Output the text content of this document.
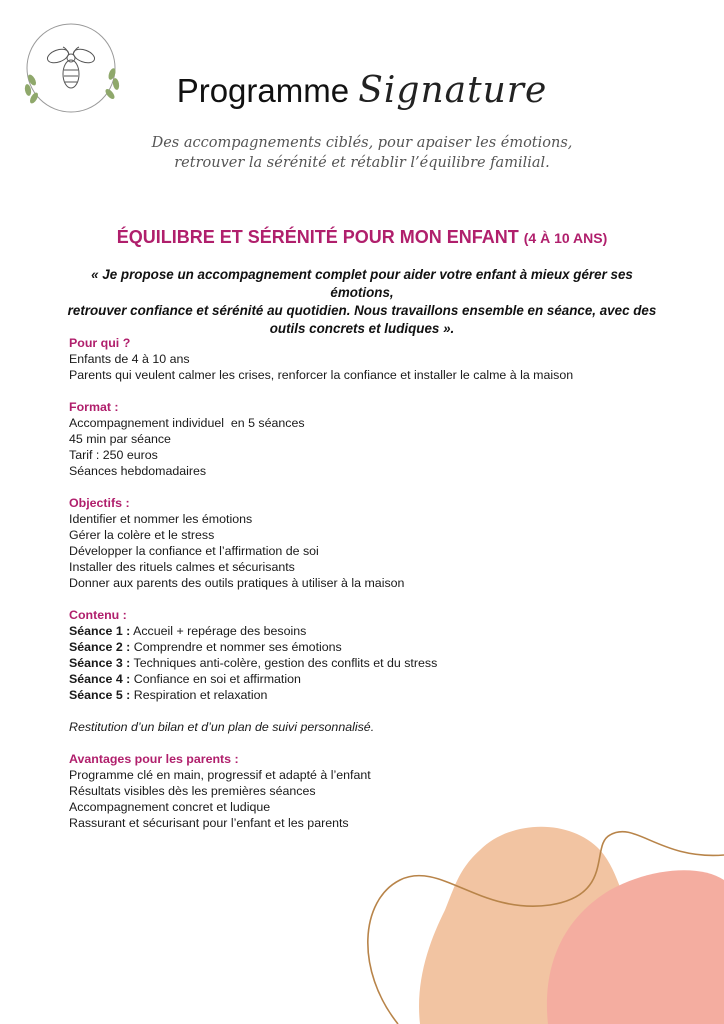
Programme Signature
Des accompagnements ciblés, pour apaiser les émotions,
retrouver la sérénité et rétablir l’équilibre familial.
ÉQUILIBRE ET SÉRÉNITÉ POUR MON ENFANT (4 À 10 ANS)
« Je propose un accompagnement complet pour aider votre enfant à mieux gérer ses émotions,
retrouver confiance et sérénité au quotidien. Nous travaillons ensemble en séance, avec des
outils concrets et ludiques ».
Pour qui ?
Enfants de 4 à 10 ans
Parents qui veulent calmer les crises, renforcer la confiance et installer le calme à la maison
Format :
Accompagnement individuel  en 5 séances
45 min par séance
Tarif : 250 euros
Séances hebdomadaires
Objectifs :
Identifier et nommer les émotions
Gérer la colère et le stress
Développer la confiance et l’affirmation de soi
Installer des rituels calmes et sécurisants
Donner aux parents des outils pratiques à utiliser à la maison
Contenu :
Séance 1 : Accueil + repérage des besoins
Séance 2 : Comprendre et nommer ses émotions
Séance 3 : Techniques anti-colère, gestion des conflits et du stress
Séance 4 : Confiance en soi et affirmation
Séance 5 : Respiration et relaxation
Restitution d’un bilan et d’un plan de suivi personnalisé.
Avantages pour les parents :
Programme clé en main, progressif et adapté à l’enfant
Résultats visibles dès les premières séances
Accompagnement concret et ludique
Rassurant et sécurisant pour l’enfant et les parents
